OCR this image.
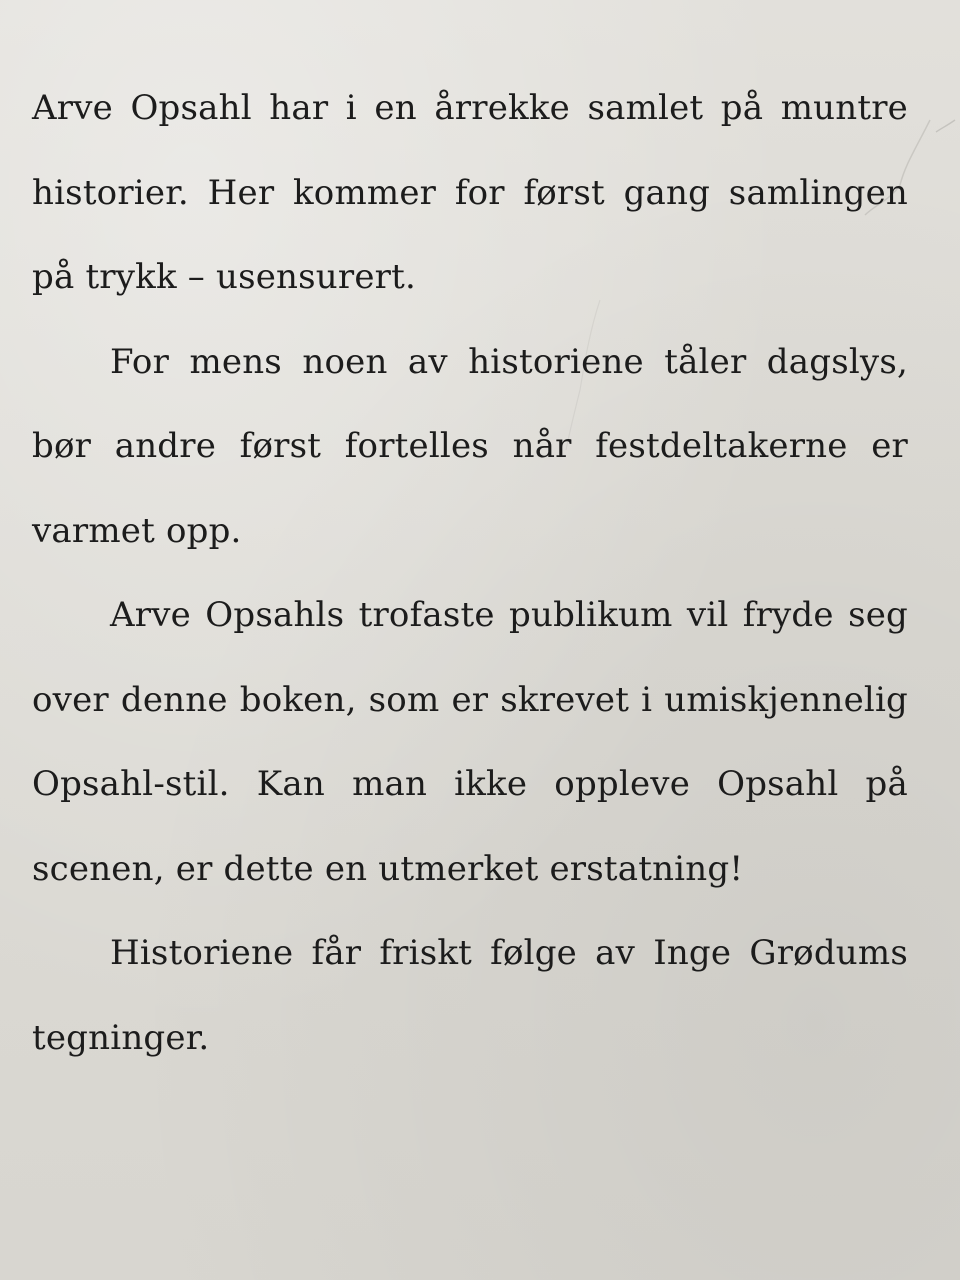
Arve Opsahl har i en årrekke samlet på muntre historier. Her kommer for først gang samlingen på trykk – usensurert.

For mens noen av historiene tåler dagslys, bør andre først fortelles når festdeltakerne er varmet opp.

Arve Opsahls trofaste publikum vil fryde seg over denne boken, som er skrevet i umiskjennelig Opsahl-stil. Kan man ikke oppleve Opsahl på scenen, er dette en utmerket erstatning!

Historiene får friskt følge av Inge Grødums tegninger.
